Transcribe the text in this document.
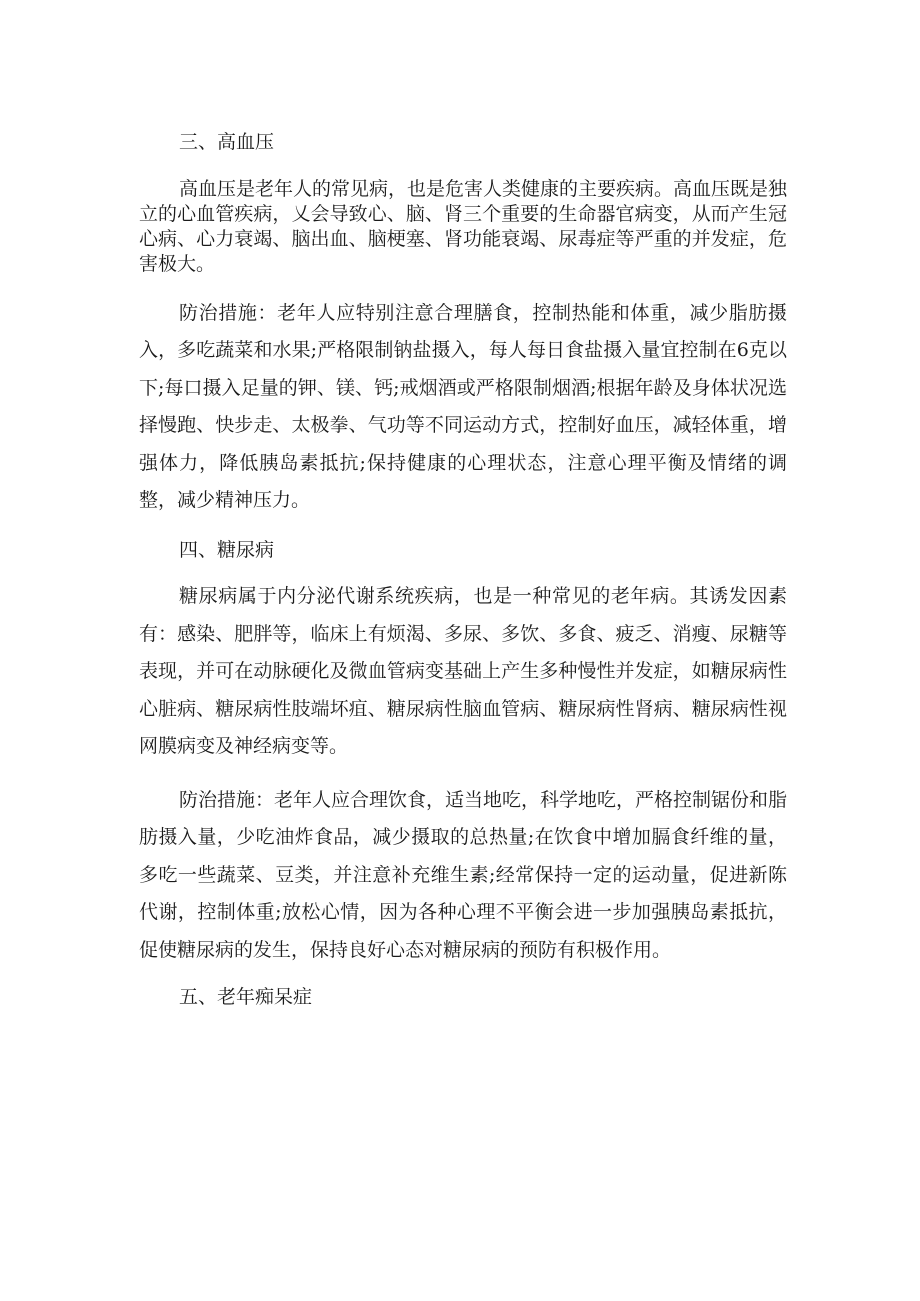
三、高血压

高血压是老年人的常见病，也是危害人类健康的主要疾病。高血压既是独立的心血管疾病，乂会导致心、脑、肾三个重要的生命器官病变，从而产生冠心病、心力衰竭、脑出血、脑梗塞、肾功能衰竭、尿毒症等严重的并发症，危害极大。

防治措施：老年人应特别注意合理膳食，控制热能和体重，减少脂肪摄入，多吃蔬菜和水果;严格限制钠盐摄入，每人每日食盐摄入量宜控制在6克以下;每口摄入足量的钾、镁、钙;戒烟酒或严格限制烟酒;根据年龄及身体状况选择慢跑、快步走、太极拳、气功等不同运动方式，控制好血压，减轻体重，增强体力，降低胰岛素抵抗;保持健康的心理状态，注意心理平衡及情绪的调整，减少精神压力。

四、糖尿病

糖尿病属于内分泌代谢系统疾病，也是一种常见的老年病。其诱发因素有：感染、肥胖等，临床上有烦渴、多尿、多饮、多食、疲乏、消瘦、尿糖等表现，并可在动脉硬化及微血管病变基础上产生多种慢性并发症，如糖尿病性心脏病、糖尿病性肢端坏疽、糖尿病性脑血管病、糖尿病性肾病、糖尿病性视网膜病变及神经病变等。

防治措施：老年人应合理饮食，适当地吃，科学地吃，严格控制锯份和脂肪摄入量，少吃油炸食品，减少摄取的总热量;在饮食中增加膈食纤维的量，多吃一些蔬菜、豆类，并注意补充维生素;经常保持一定的运动量，促进新陈代谢，控制体重;放松心情，因为各种心理不平衡会进一步加强胰岛素抵抗，促使糖尿病的发生，保持良好心态对糖尿病的预防有积极作用。

五、老年痴呆症
